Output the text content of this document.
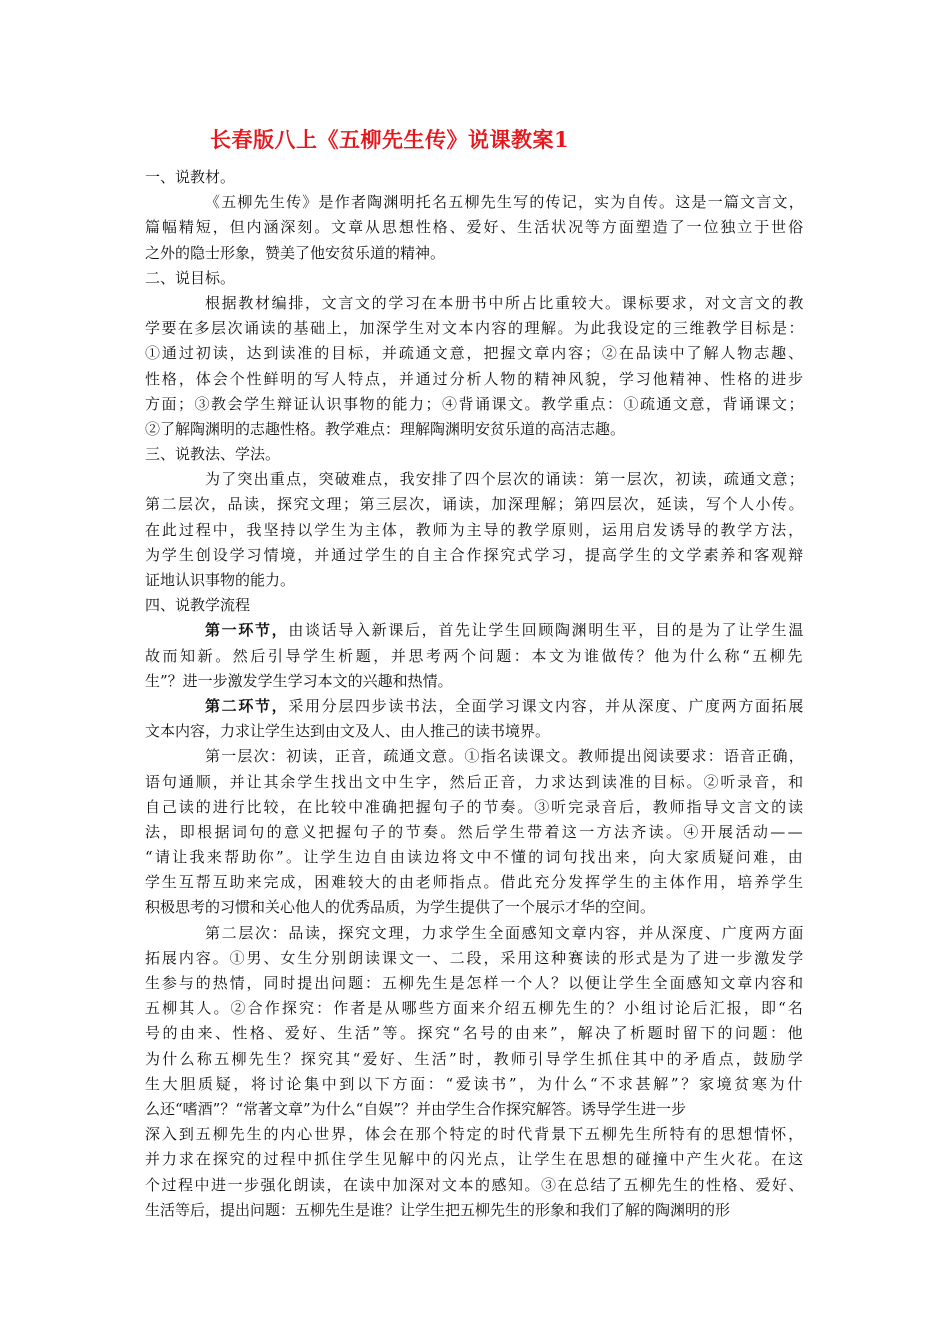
长春版八上《五柳先生传》说课教案1
一、说教材。
《五柳先生传》是作者陶渊明托名五柳先生写的传记，实为自传。这是一篇文言文，
篇幅精短，但内涵深刻。文章从思想性格、爱好、生活状况等方面塑造了一位独立于世俗
之外的隐士形象，赞美了他安贫乐道的精神。
二、说目标。
根据教材编排，文言文的学习在本册书中所占比重较大。课标要求，对文言文的教
学要在多层次诵读的基础上，加深学生对文本内容的理解。为此我设定的三维教学目标是：
①通过初读，达到读准的目标，并疏通文意，把握文章内容；②在品读中了解人物志趣、
性格，体会个性鲜明的写人特点，并通过分析人物的精神风貌，学习他精神、性格的进步
方面；③教会学生辩证认识事物的能力；④背诵课文。教学重点：①疏通文意，背诵课文；
②了解陶渊明的志趣性格。教学难点：理解陶渊明安贫乐道的高洁志趣。
三、说教法、学法。
为了突出重点，突破难点，我安排了四个层次的诵读：第一层次，初读，疏通文意；
第二层次，品读，探究文理；第三层次，诵读，加深理解；第四层次，延读，写个人小传。
在此过程中，我坚持以学生为主体，教师为主导的教学原则，运用启发诱导的教学方法，
为学生创设学习情境，并通过学生的自主合作探究式学习，提高学生的文学素养和客观辩
证地认识事物的能力。
四、说教学流程
第一环节，由谈话导入新课后，首先让学生回顾陶渊明生平，目的是为了让学生温
故而知新。然后引导学生析题，并思考两个问题：本文为谁做传？他为什么称“五柳先
生”？进一步激发学生学习本文的兴趣和热情。
第二环节，采用分层四步读书法，全面学习课文内容，并从深度、广度两方面拓展
文本内容，力求让学生达到由文及人、由人推己的读书境界。
第一层次：初读，正音，疏通文意。①指名读课文。教师提出阅读要求：语音正确，
语句通顺，并让其余学生找出文中生字，然后正音，力求达到读准的目标。②听录音，和
自己读的进行比较，在比较中准确把握句子的节奏。③听完录音后，教师指导文言文的读
法，即根据词句的意义把握句子的节奏。然后学生带着这一方法齐读。④开展活动——
“请让我来帮助你”。让学生边自由读边将文中不懂的词句找出来，向大家质疑问难，由
学生互帮互助来完成，困难较大的由老师指点。借此充分发挥学生的主体作用，培养学生
积极思考的习惯和关心他人的优秀品质，为学生提供了一个展示才华的空间。
第二层次：品读，探究文理，力求学生全面感知文章内容，并从深度、广度两方面
拓展内容。①男、女生分别朗读课文一、二段，采用这种赛读的形式是为了进一步激发学
生参与的热情，同时提出问题：五柳先生是怎样一个人？以便让学生全面感知文章内容和
五柳其人。②合作探究：作者是从哪些方面来介绍五柳先生的？小组讨论后汇报，即“名
号的由来、性格、爱好、生活”等。探究“名号的由来”，解决了析题时留下的问题：他
为什么称五柳先生？探究其“爱好、生活”时，教师引导学生抓住其中的矛盾点，鼓励学
生大胆质疑，将讨论集中到以下方面：“爱读书”，为什么“不求甚解”？家境贫寒为什
么还“嗜酒”？“常著文章”为什么“自娱”？并由学生合作探究解答。诱导学生进一步
深入到五柳先生的内心世界，体会在那个特定的时代背景下五柳先生所特有的思想情怀，
并力求在探究的过程中抓住学生见解中的闪光点，让学生在思想的碰撞中产生火花。在这
个过程中进一步强化朗读，在读中加深对文本的感知。③在总结了五柳先生的性格、爱好、
生活等后，提出问题：五柳先生是谁？让学生把五柳先生的形象和我们了解的陶渊明的形
